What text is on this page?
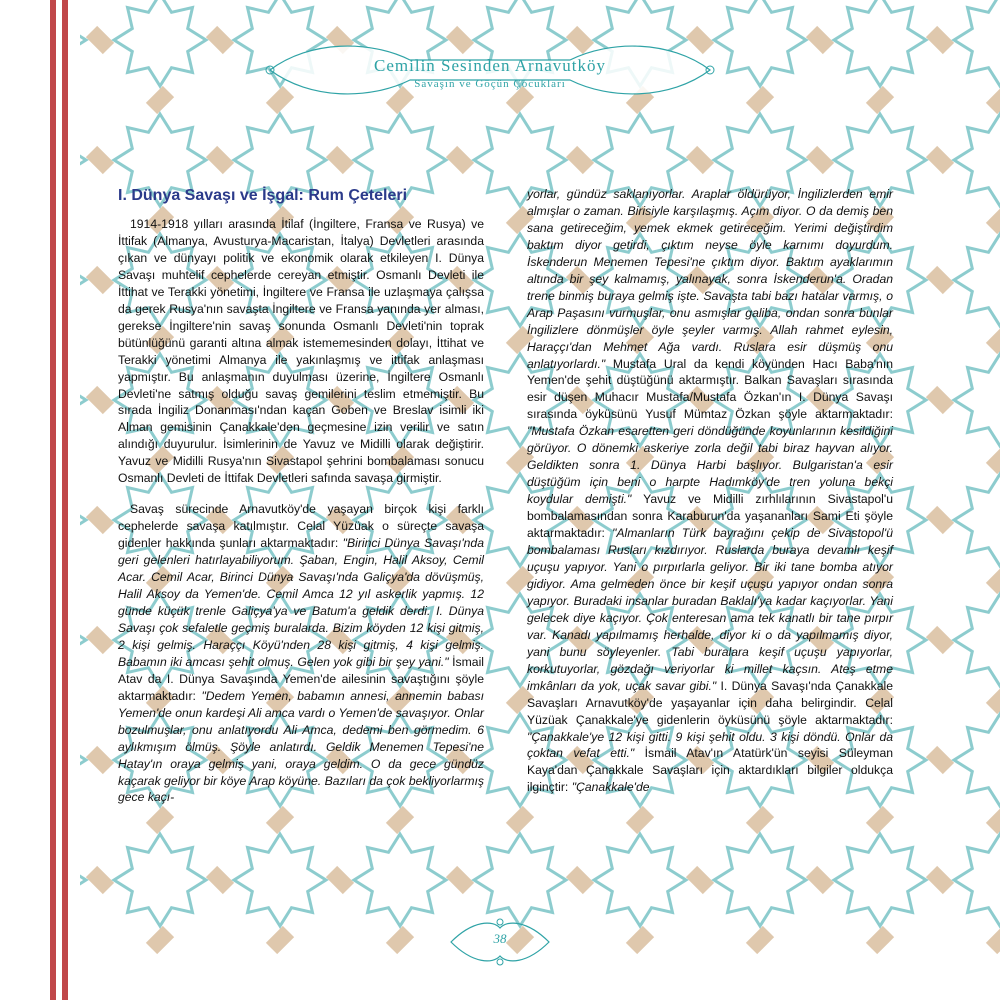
Cemilin Sesinden Arnavutköy
Savaşın ve Göçün Çocukları
I. Dünya Savaşı ve İşgal: Rum Çeteleri

1914-1918 yılları arasında İtilaf (İngiltere, Fransa ve Rusya) ve İttifak (Almanya, Avusturya-Macaristan, İtalya) Devletleri arasında çıkan ve dünyayı politik ve ekonomik olarak etkileyen I. Dünya Savaşı muhtelif cephelerde cereyan etmiştir. Osmanlı Devleti ile İttihat ve Terakki yönetimi, İngiltere ve Fransa ile uzlaşmaya çalışsa da gerek Rusya'nın savaşta İngiltere ve Fransa yanında yer alması, gerekse İngiltere'nin savaş sonunda Osmanlı Devleti'nin toprak bütünlüğünü garanti altına almak istememesinden dolayı, İttihat ve Terakki yönetimi Almanya ile yakınlaşmış ve ittifak anlaşması yapmıştır. Bu anlaşmanın duyulması üzerine, İngiltere Osmanlı Devleti'ne satmış olduğu savaş gemilerini teslim etmemiştir. Bu sırada İngiliz Donanması'ndan kaçan Goben ve Breslav isimli iki Alman gemisinin Çanakkale'den geçmesine izin verilir ve satın alındığı duyurulur. İsimlerinin de Yavuz ve Midilli olarak değiştirir. Yavuz ve Midilli Rusya'nın Sivastapol şehrini bombalaması sonucu Osmanlı Devleti de İttifak Devletleri safında savaşa girmiştir.

Savaş sürecinde Arnavutköy'de yaşayan birçok kişi farklı cephelerde savaşa katılmıştır. Celal Yüzüak o süreçte savaşa gidenler hakkında şunları aktarmaktadır: "Birinci Dünya Savaşı'nda geri gelenleri hatırlayabiliyorum. Şaban, Engin, Halil Aksoy, Cemil Acar. Cemil Acar, Birinci Dünya Savaşı'nda Galiçya'da dövüşmüş, Halil Aksoy da Yemen'de. Cemil Amca 12 yıl askerlik yapmış. 12 günde küçük trenle Galiçya'ya ve Batum'a geldik derdi. I. Dünya Savaşı çok sefaletle geçmiş buralarda. Bizim köyden 12 kişi gitmiş, 2 kişi gelmiş. Haraççı Köyü'nden 28 kişi gitmiş, 4 kişi gelmiş. Babamın iki amcası şehit olmuş. Gelen yok gibi bir şey yani." İsmail Atav da I. Dünya Savaşında Yemen'de ailesinin savaştığını şöyle aktarmaktadır: "Dedem Yemen, babamın annesi, annemin babası Yemen'de onun kardeşi Ali amca vardı o Yemen'de savaşıyor. Onlar bozulmuşlar, onu anlatıyordu Ali Amca, dedemi ben görmedim. 6 aylıkmışım ölmüş. Şöyle anlatırdı. Geldik Menemen Tepesi'ne Hatay'ın oraya gelmiş yani, oraya geldim. O da gece gündüz kaçarak geliyor bir köye Arap köyüne. Bazıları da çok bekliyorlarmış gece kaçı-

yorlar, gündüz saklanıyorlar. Araplar öldürüyor, İngilizlerden emir almışlar o zaman. Birisiyle karşılaşmış. Açım diyor. O da demiş ben sana getireceğim, yemek ekmek getireceğim. Yerimi değiştirdim baktım diyor getirdi, çıktım neyse öyle karnımı doyurdum. İskenderun Menemen Tepesi'ne çıktım diyor. Baktım ayaklarımın altında bir şey kalmamış, yalınayak, sonra İskenderun'a. Oradan trene binmiş buraya gelmiş işte. Savaşta tabi bazı hatalar varmış, o Arap Paşasını vurmuşlar, onu asmışlar galiba, ondan sonra bunlar İngilizlere dönmüşler öyle şeyler varmış. Allah rahmet eylesin, Haraççı'dan Mehmet Ağa vardı. Ruslara esir düşmüş onu anlatıyorlardı." Mustafa Ural da kendi köyünden Hacı Baba'nın Yemen'de şehit düştüğünü aktarmıştır. Balkan Savaşları sırasında esir düşen Muhacır Mustafa/Mustafa Özkan'ın I. Dünya Savaşı sırasında öyküsünü Yusuf Mümtaz Özkan şöyle aktarmaktadır: "Mustafa Özkan esaretten geri döndüğünde koyunlarının kesildiğini görüyor. O dönemki askeriye zorla değil tabi biraz hayvan alıyor. Geldikten sonra 1. Dünya Harbi başlıyor. Bulgaristan'a esir düştüğüm için beni o harpte Hadımköy'de tren yoluna bekçi koydular demişti." Yavuz ve Midilli zırhlılarının Sivastapol'u bombalamasından sonra Karaburun'da yaşananları Sami Eti şöyle aktarmaktadır: "Almanların Türk bayrağını çekip de Sivastopol'ü bombalaması Rusları kızdırıyor. Ruslarda buraya devamlı keşif uçuşu yapıyor. Yani o pırpırlarla geliyor. Bir iki tane bomba atıyor gidiyor. Ama gelmeden önce bir keşif uçuşu yapıyor ondan sonra yapıyor. Buradaki insanlar buradan Baklalı'ya kadar kaçıyorlar. Yani gelecek diye kaçıyor. Çok enteresan ama tek kanatlı bir tane pırpır var. Kanadı yapılmamış herhalde, diyor ki o da yapılmamış diyor, yani bunu söyleyenler. Tabi buralara keşif uçuşu yapıyorlar, korkutuyorlar, gözdağı veriyorlar ki millet kaçsın. Ateş etme imkânları da yok, uçak savar gibi." I. Dünya Savaşı'nda Çanakkale Savaşları Arnavutköy'de yaşayanlar için daha belirgindir. Celal Yüzüak Çanakkale'ye gidenlerin öyküsünü şöyle aktarmaktadır: "Çanakkale'ye 12 kişi gitti. 9 kişi şehit oldu. 3 kişi döndü. Onlar da çoktan vefat etti." İsmail Atav'ın Atatürk'ün seyisi Süleyman Kaya'dan Çanakkale Savaşları için aktardıkları bilgiler oldukça ilginçtir: "Çanakkale'de

38
